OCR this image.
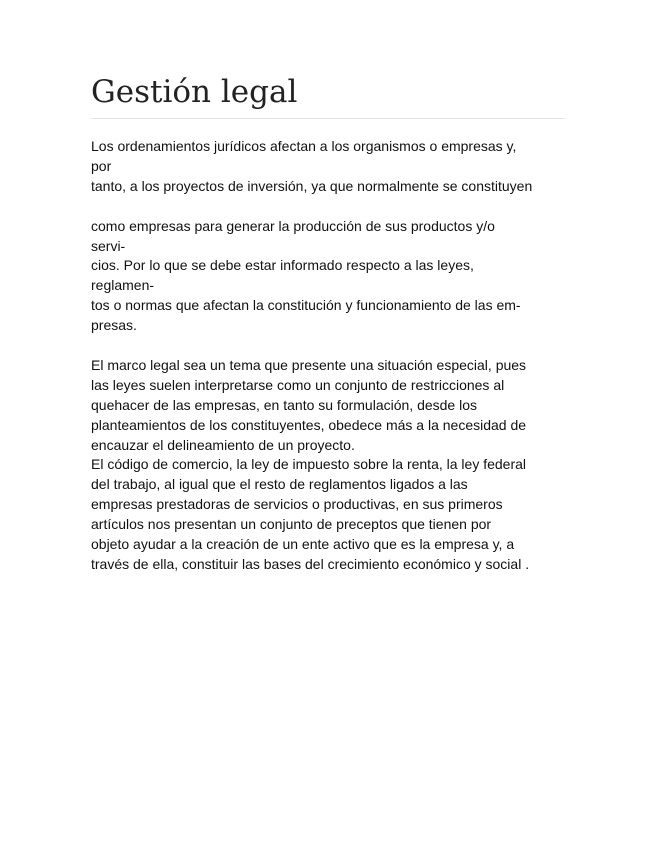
Gestión legal
Los ordenamientos jurídicos afectan a los organismos o empresas y,
por
tanto, a los proyectos de inversión, ya que normalmente se constituyen
como empresas para generar la producción de sus productos y/o
servi-
cios. Por lo que se debe estar informado respecto a las leyes,
reglamen-
tos o normas que afectan la constitución y funcionamiento de las em-
presas.
El marco legal sea un tema que presente una situación especial, pues
las leyes suelen interpretarse como un conjunto de restricciones al
quehacer de las empresas, en tanto su formulación, desde los
planteamientos de los constituyentes, obedece más a la necesidad de
encauzar el delineamiento de un proyecto.
El código de comercio, la ley de impuesto sobre la renta, la ley federal
del trabajo, al igual que el resto de reglamentos ligados a las
empresas prestadoras de servicios o productivas, en sus primeros
artículos nos presentan un conjunto de preceptos que tienen por
objeto ayudar a la creación de un ente activo que es la empresa y, a
través de ella, constituir las bases del crecimiento económico y social .
